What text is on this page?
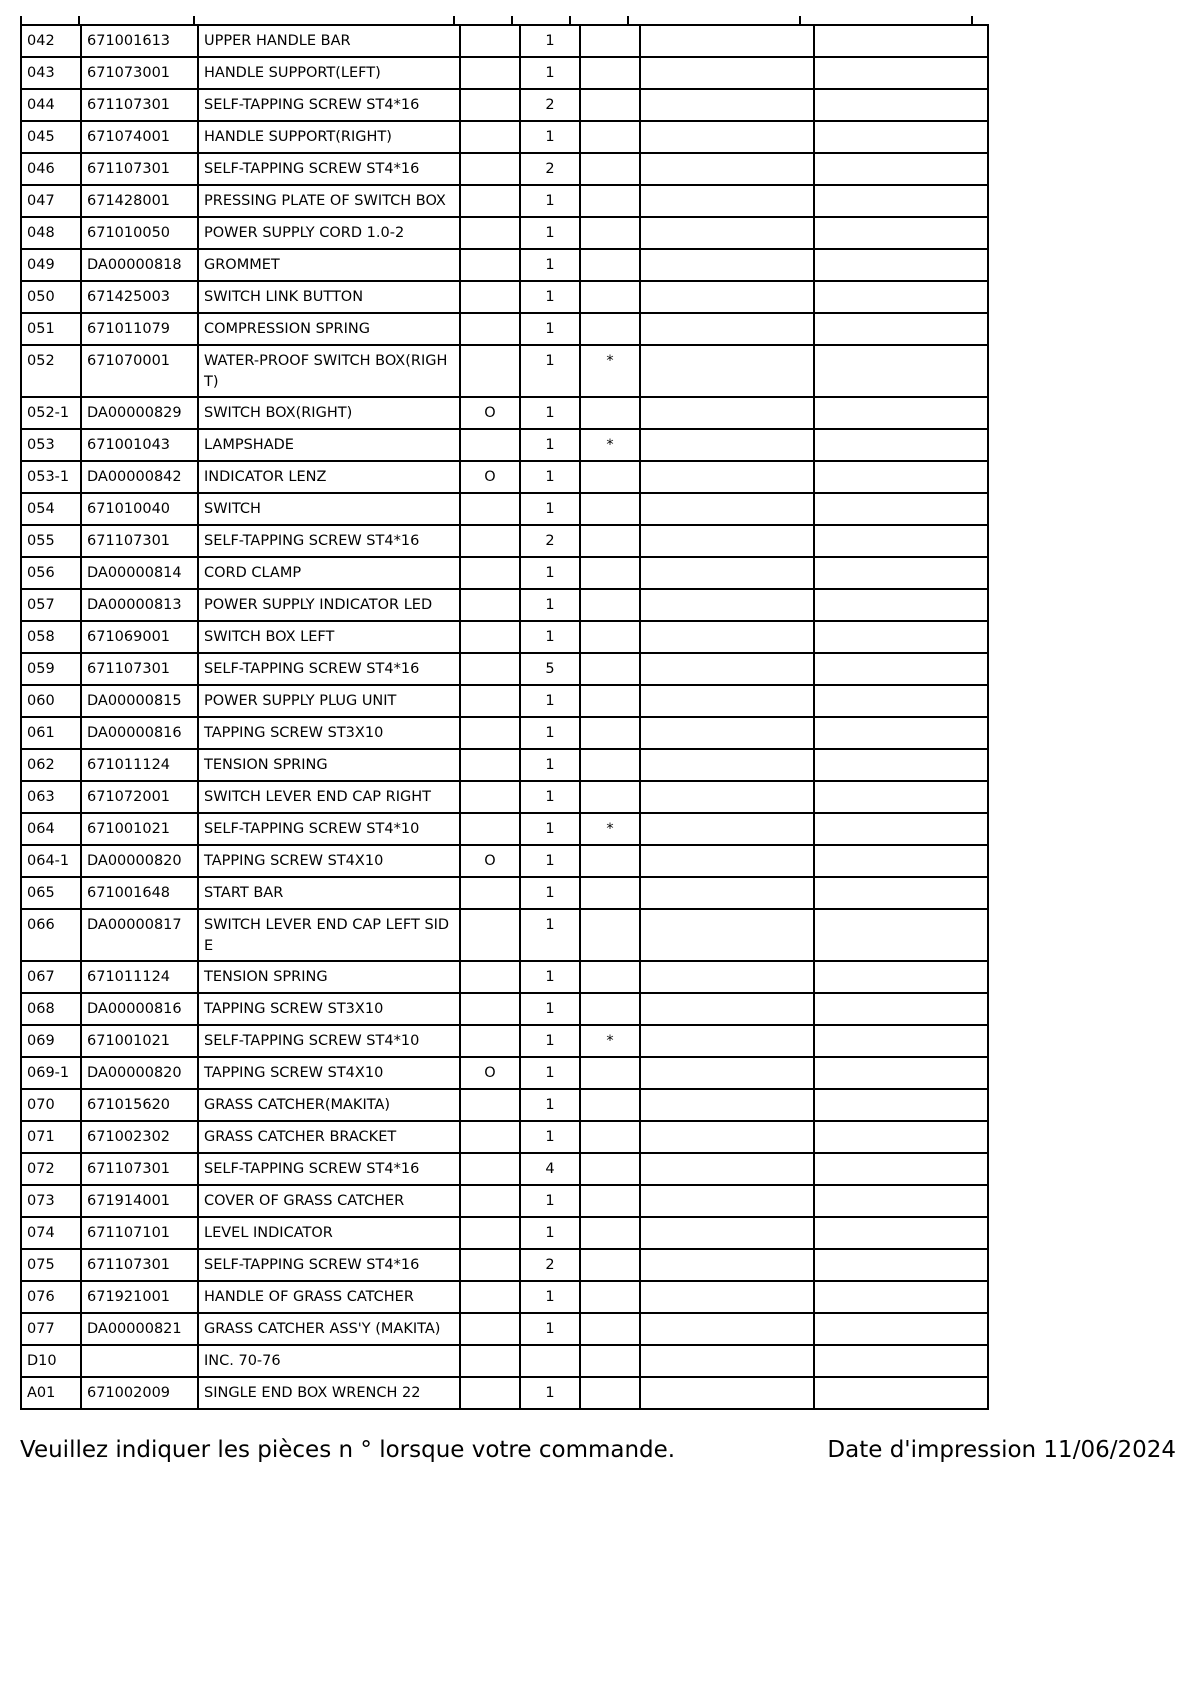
042	671001613	UPPER HANDLE BAR		1			
043	671073001	HANDLE SUPPORT(LEFT)		1			
044	671107301	SELF-TAPPING SCREW ST4*16		2			
045	671074001	HANDLE SUPPORT(RIGHT)		1			
046	671107301	SELF-TAPPING SCREW ST4*16		2			
047	671428001	PRESSING PLATE OF SWITCH BOX		1			
048	671010050	POWER SUPPLY CORD 1.0-2		1			
049	DA00000818	GROMMET		1			
050	671425003	SWITCH LINK BUTTON		1			
051	671011079	COMPRESSION SPRING		1			
052	671070001	WATER-PROOF SWITCH BOX(RIGHT)		1	*		
052-1	DA00000829	SWITCH BOX(RIGHT)	O	1			
053	671001043	LAMPSHADE		1	*		
053-1	DA00000842	INDICATOR LENZ	O	1			
054	671010040	SWITCH		1			
055	671107301	SELF-TAPPING SCREW ST4*16		2			
056	DA00000814	CORD CLAMP		1			
057	DA00000813	POWER SUPPLY INDICATOR LED		1			
058	671069001	SWITCH BOX LEFT		1			
059	671107301	SELF-TAPPING SCREW ST4*16		5			
060	DA00000815	POWER SUPPLY PLUG UNIT		1			
061	DA00000816	TAPPING SCREW ST3X10		1			
062	671011124	TENSION SPRING		1			
063	671072001	SWITCH LEVER END CAP RIGHT		1			
064	671001021	SELF-TAPPING SCREW ST4*10		1	*		
064-1	DA00000820	TAPPING SCREW ST4X10	O	1			
065	671001648	START BAR		1			
066	DA00000817	SWITCH LEVER END CAP LEFT SIDE		1			
067	671011124	TENSION SPRING		1			
068	DA00000816	TAPPING SCREW ST3X10		1			
069	671001021	SELF-TAPPING SCREW ST4*10		1	*		
069-1	DA00000820	TAPPING SCREW ST4X10	O	1			
070	671015620	GRASS CATCHER(MAKITA)		1			
071	671002302	GRASS CATCHER BRACKET		1			
072	671107301	SELF-TAPPING SCREW ST4*16		4			
073	671914001	COVER OF GRASS CATCHER		1			
074	671107101	LEVEL INDICATOR		1			
075	671107301	SELF-TAPPING SCREW ST4*16		2			
076	671921001	HANDLE OF GRASS CATCHER		1			
077	DA00000821	GRASS CATCHER ASS'Y (MAKITA)		1			
D10		INC. 70-76					
A01	671002009	SINGLE END BOX WRENCH 22		1			
Veuillez indiquer les pièces n ° lorsque votre commande.	Date d'impression 11/06/2024
